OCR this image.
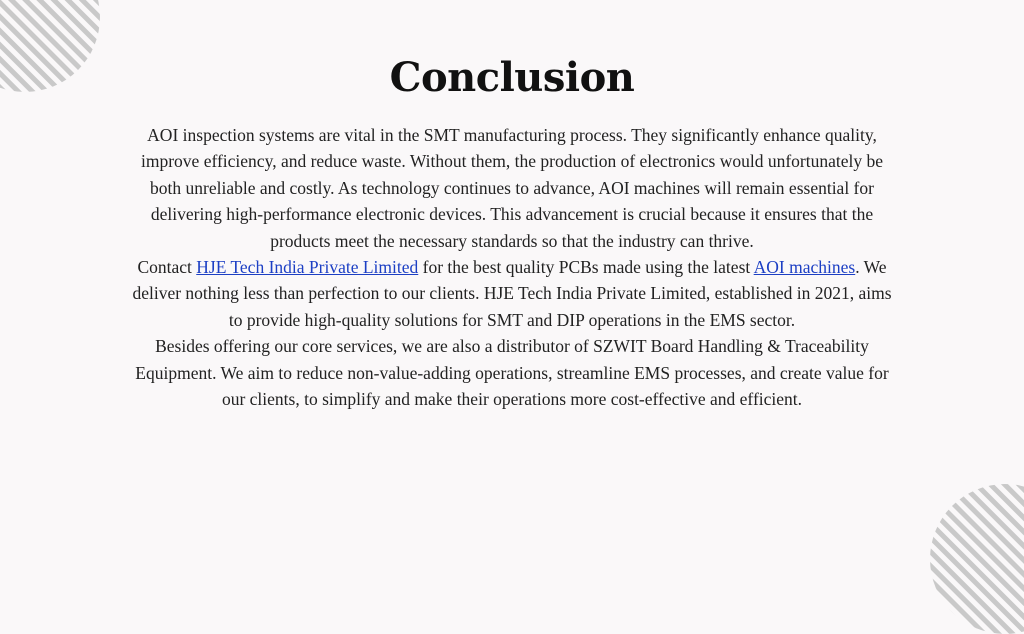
Conclusion

AOI inspection systems are vital in the SMT manufacturing process. They significantly enhance quality, improve efficiency, and reduce waste. Without them, the production of electronics would unfortunately be both unreliable and costly. As technology continues to advance, AOI machines will remain essential for delivering high-performance electronic devices. This advancement is crucial because it ensures that the products meet the necessary standards so that the industry can thrive.

Contact HJE Tech India Private Limited for the best quality PCBs made using the latest AOI machines. We deliver nothing less than perfection to our clients. HJE Tech India Private Limited, established in 2021, aims to provide high-quality solutions for SMT and DIP operations in the EMS sector.

Besides offering our core services, we are also a distributor of SZWIT Board Handling & Traceability Equipment. We aim to reduce non-value-adding operations, streamline EMS processes, and create value for our clients, to simplify and make their operations more cost-effective and efficient.
